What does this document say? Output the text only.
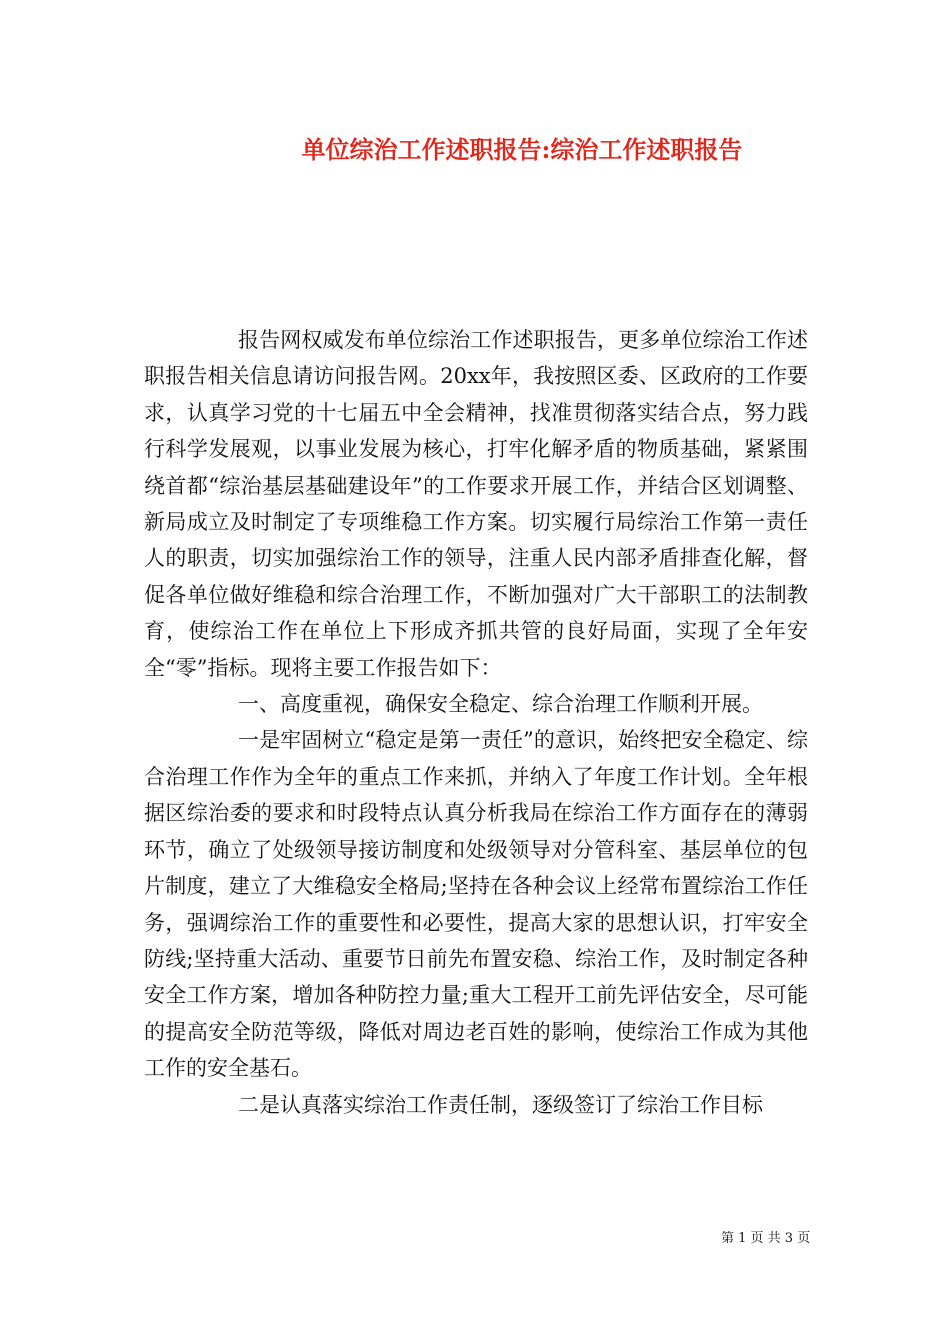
单位综治工作述职报告:综治工作述职报告

报告网权威发布单位综治工作述职报告，更多单位综治工作述职报告相关信息请访问报告网。20xx年，我按照区委、区政府的工作要求，认真学习党的十七届五中全会精神，找准贯彻落实结合点，努力践行科学发展观，以事业发展为核心，打牢化解矛盾的物质基础，紧紧围绕首都“综治基层基础建设年”的工作要求开展工作，并结合区划调整、新局成立及时制定了专项维稳工作方案。切实履行局综治工作第一责任人的职责，切实加强综治工作的领导，注重人民内部矛盾排查化解，督促各单位做好维稳和综合治理工作，不断加强对广大干部职工的法制教育，使综治工作在单位上下形成齐抓共管的良好局面，实现了全年安全“零”指标。现将主要工作报告如下：

一、高度重视，确保安全稳定、综合治理工作顺利开展。

一是牢固树立“稳定是第一责任”的意识，始终把安全稳定、综合治理工作作为全年的重点工作来抓，并纳入了年度工作计划。全年根据区综治委的要求和时段特点认真分析我局在综治工作方面存在的薄弱环节，确立了处级领导接访制度和处级领导对分管科室、基层单位的包片制度，建立了大维稳安全格局;坚持在各种会议上经常布置综治工作任务，强调综治工作的重要性和必要性，提高大家的思想认识，打牢安全防线;坚持重大活动、重要节日前先布置安稳、综治工作，及时制定各种安全工作方案，增加各种防控力量;重大工程开工前先评估安全，尽可能的提高安全防范等级，降低对周边老百姓的影响，使综治工作成为其他工作的安全基石。

二是认真落实综治工作责任制，逐级签订了综治工作目标

第 1 页 共 3 页
